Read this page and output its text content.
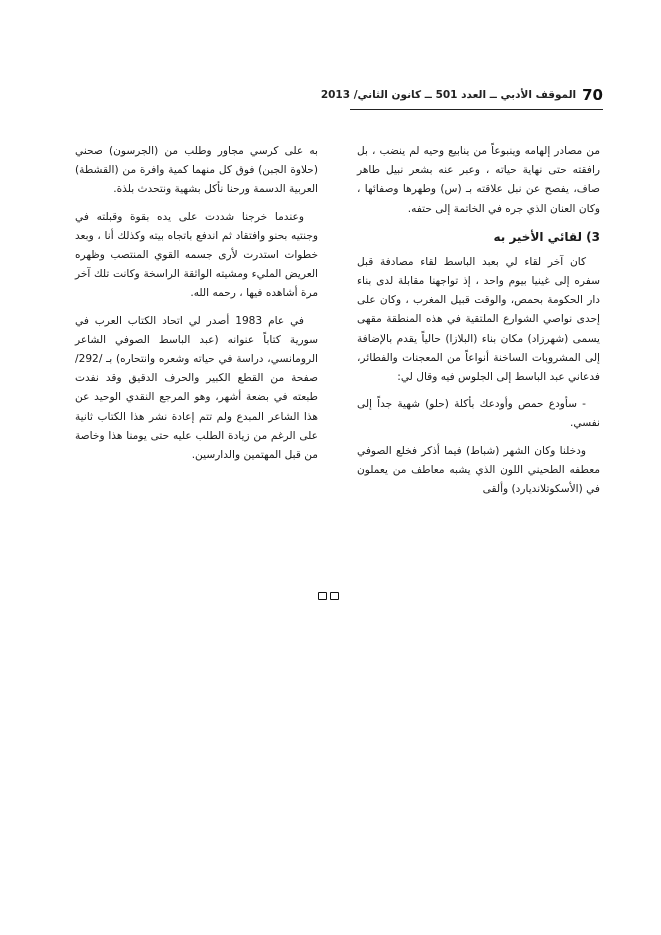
70
الموقف الأدبي ــ العدد 501 ــ كانون الثاني/ 2013

من مصادر إلهامه وينبوعاً من ينابيع وحيه لم ينضب ، بل رافقته حتى نهاية حياته ، وعبر عنه بشعر نبيل طاهر صاف، يفصح عن نبل علاقته بـ (س) وطهرها وصفائها ، وكان العنان الذي جره في الخاتمة إلى حتفه.

3) لقائي الأخير به

كان آخر لقاء لي بعبد الباسط لقاء مصادفة قبل سفره إلى غينيا بيوم واحد ، إذ تواجهنا مقابلة لدى بناء دار الحكومة بحمص، والوقت قبيل المغرب ، وكان على إحدى نواصي الشوارع الملتقية في هذه المنطقة مقهى يسمى (شهرزاد) مكان بناء (البلازا) حالياً يقدم بالإضافة إلى المشروبات الساخنة أنواعاً من المعجنات والفطائر، فدعاني عبد الباسط إلى الجلوس فيه وقال لي:

- سأودع حمص وأودعك بأكلة (حلو) شهية جداً إلى نفسي.

ودخلنا وكان الشهر (شباط) فيما أذكر فخلع الصوفي معطفه الطحيني اللون الذي يشبه معاطف من يعملون في (الأسكوتلانديارد) وألقى

به على كرسي مجاور وطلب من (الجرسون) صحني (حلاوة الجبن) فوق كل منهما كمية وافرة من (القشطة) العربية الدسمة ورحنا نأكل بشهية ونتحدث بلذة.

وعندما خرجنا شددت على يده بقوة وقبلته في وجنتيه بحنو وافتقاد ثم اندفع باتجاه بيته وكذلك أنا ، وبعد خطوات استدرت لأرى جسمه القوي المنتصب وظهره العريض المليء ومشيته الواثقة الراسخة وكانت تلك آخر مرة أشاهده فيها ، رحمه الله.

في عام 1983 أصدر لي اتحاد الكتاب العرب في سورية كتاباً عنوانه (عبد الباسط الصوفي الشاعر الرومانسي، دراسة في حياته وشعره وانتحاره) بـ /292/ صفحة من القطع الكبير والحرف الدقيق وقد نفدت طبعته في بضعة أشهر، وهو المرجع النقدي الوحيد عن هذا الشاعر المبدع ولم تتم إعادة نشر هذا الكتاب ثانية على الرغم من زيادة الطلب عليه حتى يومنا هذا وخاصة من قبل المهتمين والدارسين.
